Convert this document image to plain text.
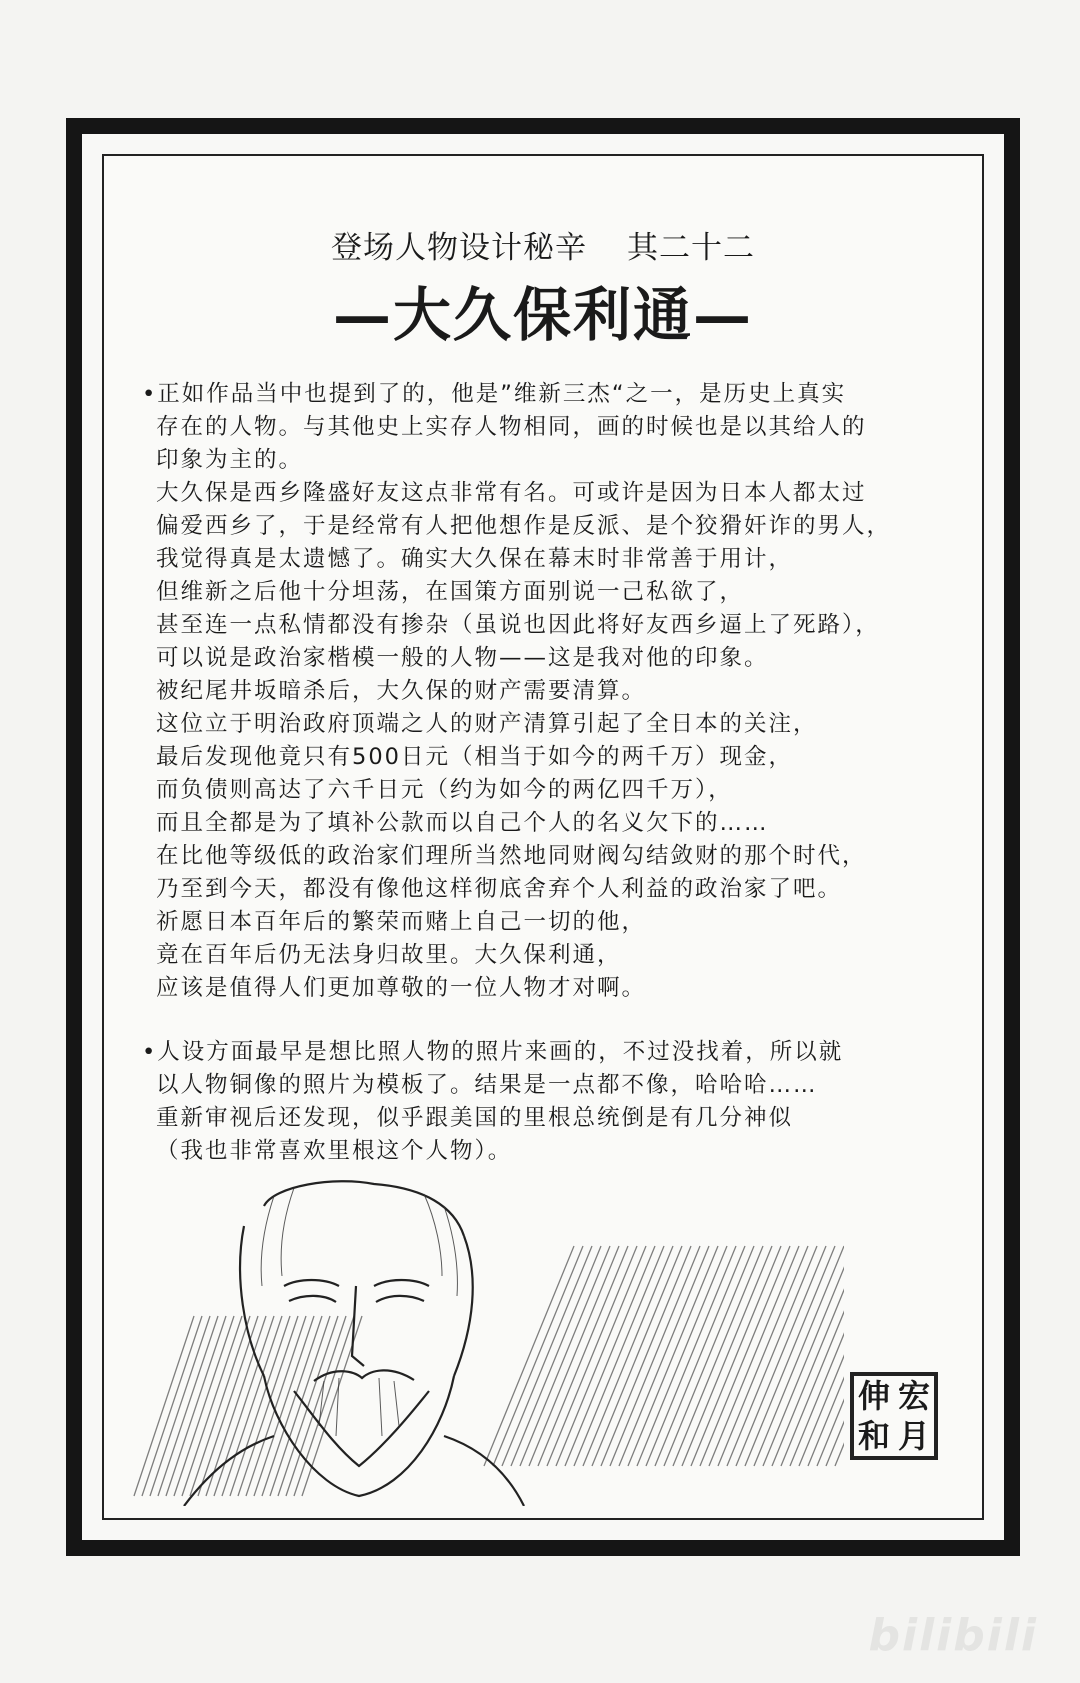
登场人物设计秘辛 其二十二
—大久保利通—
•正如作品当中也提到了的，他是”维新三杰“之一，是历史上真实
存在的人物。与其他史上实存人物相同，画的时候也是以其给人的
印象为主的。
大久保是西乡隆盛好友这点非常有名。可或许是因为日本人都太过
偏爱西乡了，于是经常有人把他想作是反派、是个狡猾奸诈的男人，
我觉得真是太遗憾了。确实大久保在幕末时非常善于用计，
但维新之后他十分坦荡，在国策方面别说一己私欲了，
甚至连一点私情都没有掺杂（虽说也因此将好友西乡逼上了死路），
可以说是政治家楷模一般的人物——这是我对他的印象。
被纪尾井坂暗杀后，大久保的财产需要清算。
这位立于明治政府顶端之人的财产清算引起了全日本的关注，
最后发现他竟只有500日元（相当于如今的两千万）现金，
而负债则高达了六千日元（约为如今的两亿四千万），
而且全都是为了填补公款而以自己个人的名义欠下的……
在比他等级低的政治家们理所当然地同财阀勾结敛财的那个时代，
乃至到今天，都没有像他这样彻底舍弃个人利益的政治家了吧。
祈愿日本百年后的繁荣而赌上自己一切的他，
竟在百年后仍无法身归故里。大久保利通，
应该是值得人们更加尊敬的一位人物才对啊。
•人设方面最早是想比照人物的照片来画的，不过没找着，所以就
以人物铜像的照片为模板了。结果是一点都不像，哈哈哈……
重新审视后还发现，似乎跟美国的里根总统倒是有几分神似
（我也非常喜欢里根这个人物）。
伸 宏
和 月
bilibili
